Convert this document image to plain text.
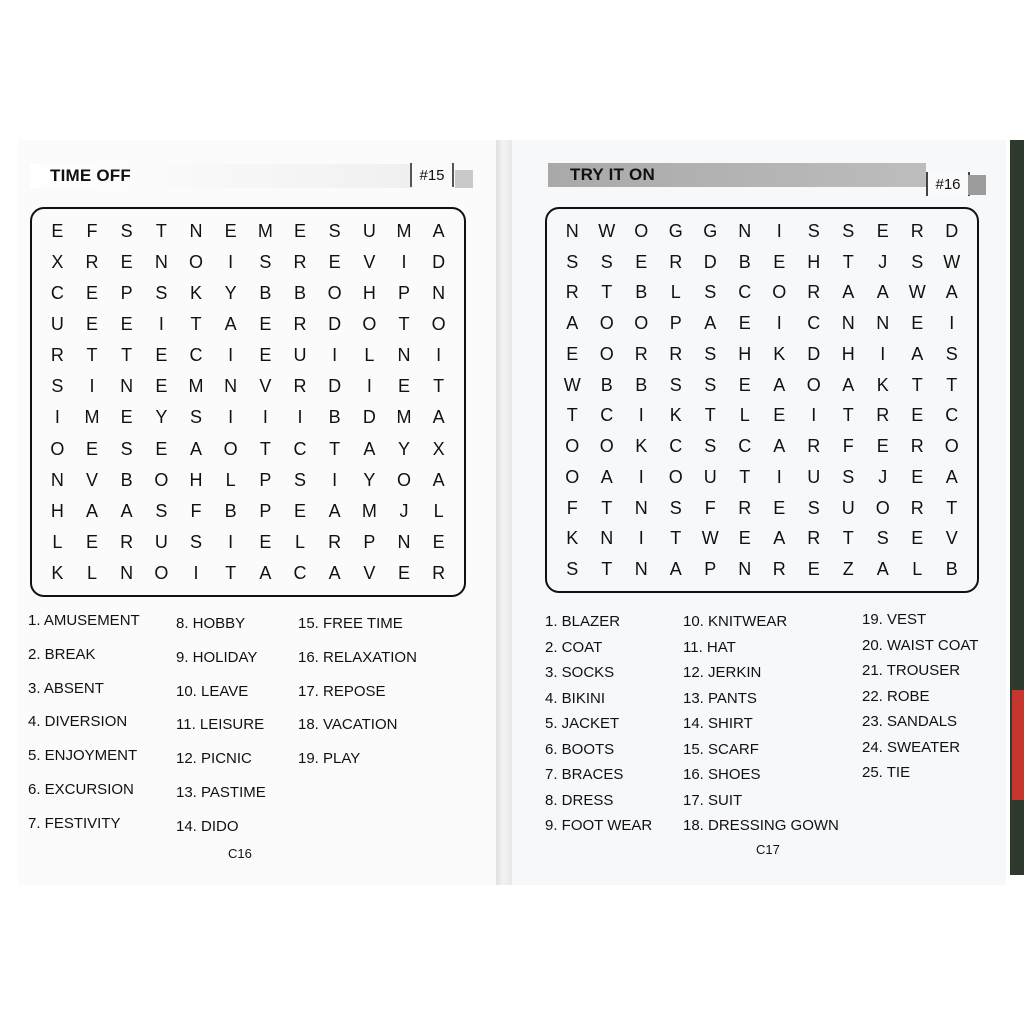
TIME OFF	#15
E	F	S	T	N	E	M	E	S	U	M	A
X	R	E	N	O	I	S	R	E	V	I	D
C	E	P	S	K	Y	B	B	O	H	P	N
U	E	E	I	T	A	E	R	D	O	T	O
R	T	T	E	C	I	E	U	I	L	N	I
S	I	N	E	M	N	V	R	D	I	E	T
I	M	E	Y	S	I	I	I	B	D	M	A
O	E	S	E	A	O	T	C	T	A	Y	X
N	V	B	O	H	L	P	S	I	Y	O	A
H	A	A	S	F	B	P	E	A	M	J	L
L	E	R	U	S	I	E	L	R	P	N	E
K	L	N	O	I	T	A	C	A	V	E	R
1. AMUSEMENT
2. BREAK
3. ABSENT
4. DIVERSION
5. ENJOYMENT
6. EXCURSION
7. FESTIVITY
8. HOBBY
9. HOLIDAY
10. LEAVE
11. LEISURE
12. PICNIC
13. PASTIME
14. DIDO
15. FREE TIME
16. RELAXATION
17. REPOSE
18. VACATION
19. PLAY
C16
TRY IT ON	#16
N	W	O	G	G	N	I	S	S	E	R	D
S	S	E	R	D	B	E	H	T	J	S	W
R	T	B	L	S	C	O	R	A	A	W	A
A	O	O	P	A	E	I	C	N	N	E	I
E	O	R	R	S	H	K	D	H	I	A	S
W	B	B	S	S	E	A	O	A	K	T	T
T	C	I	K	T	L	E	I	T	R	E	C
O	O	K	C	S	C	A	R	F	E	R	O
O	A	I	O	U	T	I	U	S	J	E	A
F	T	N	S	F	R	E	S	U	O	R	T
K	N	I	T	W	E	A	R	T	S	E	V
S	T	N	A	P	N	R	E	Z	A	L	B
1. BLAZER
2. COAT
3. SOCKS
4. BIKINI
5. JACKET
6. BOOTS
7. BRACES
8. DRESS
9. FOOT WEAR
10. KNITWEAR
11. HAT
12. JERKIN
13. PANTS
14. SHIRT
15. SCARF
16. SHOES
17. SUIT
18. DRESSING GOWN
19. VEST
20. WAIST COAT
21. TROUSER
22. ROBE
23. SANDALS
24. SWEATER
25. TIE
C17
